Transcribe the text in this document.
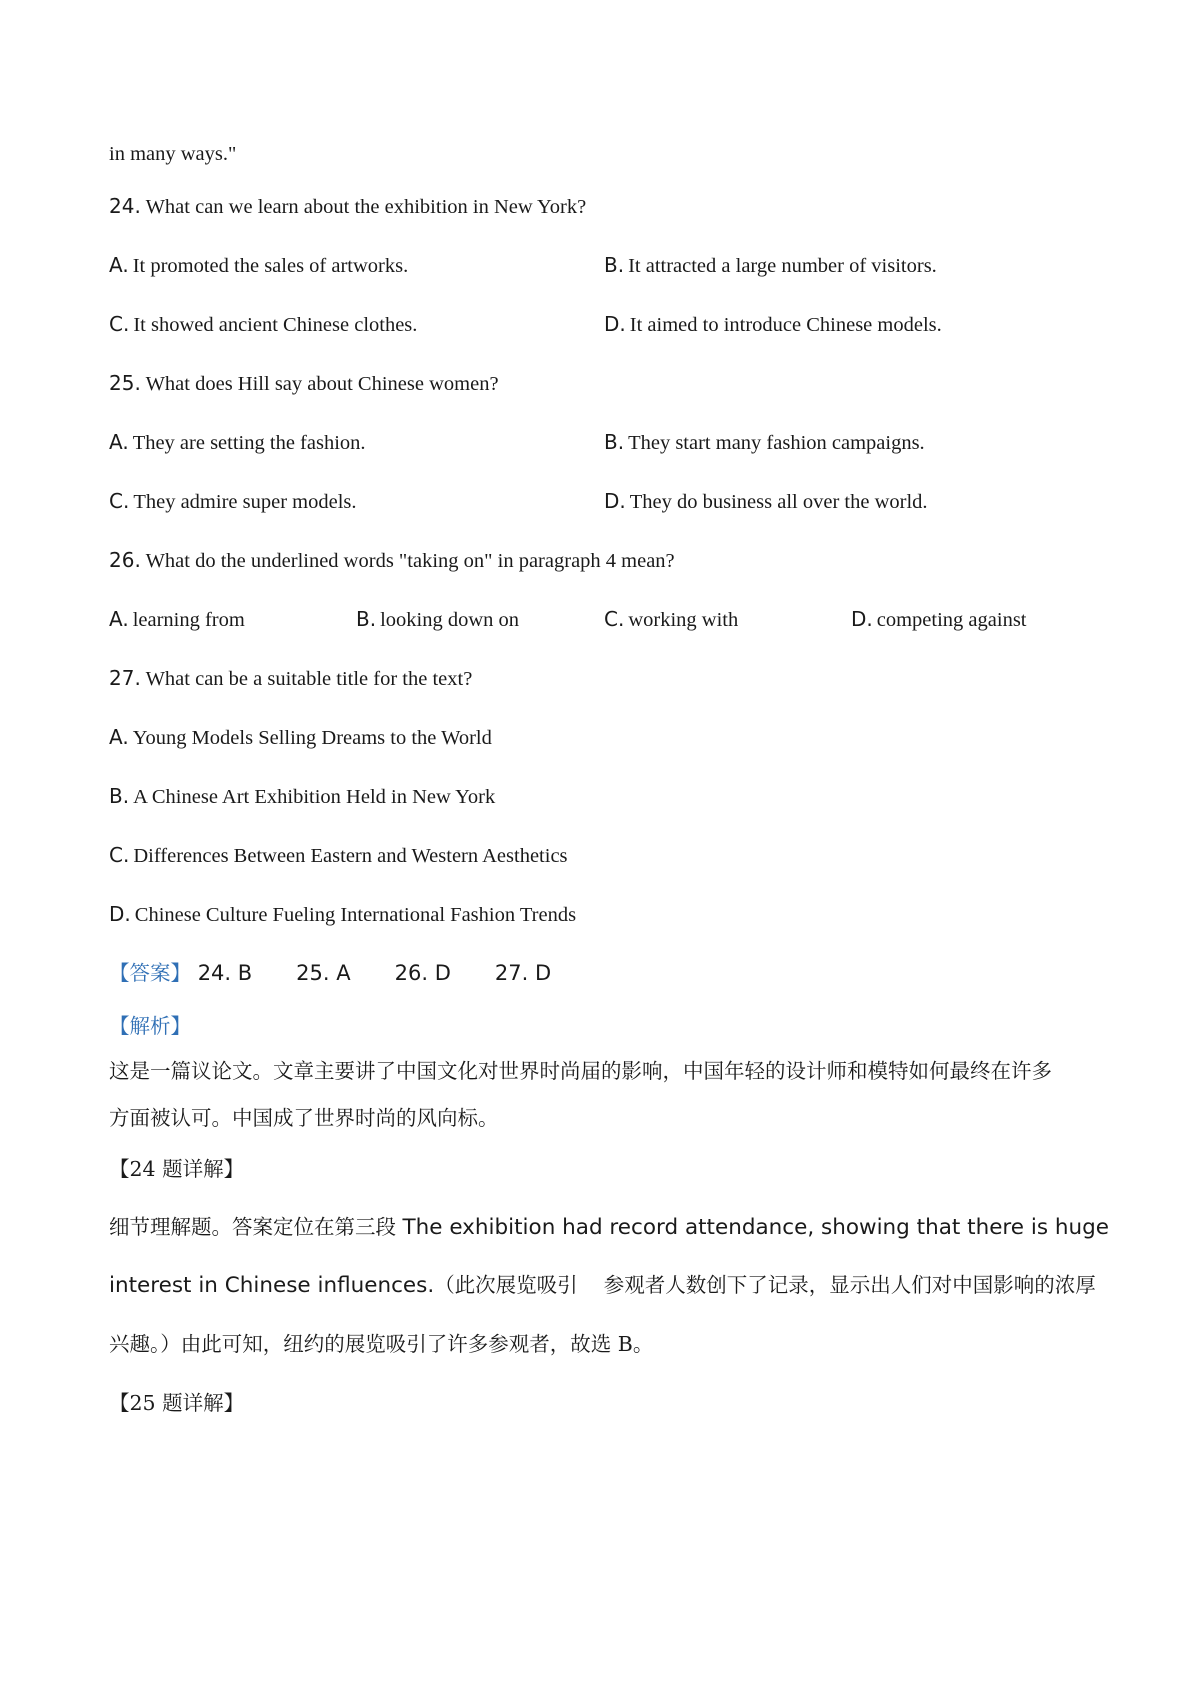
in many ways."
24. What can we learn about the exhibition in New York?
A. It promoted the sales of artworks.	B. It attracted a large number of visitors.
C. It showed ancient Chinese clothes.	D. It aimed to introduce Chinese models.
25. What does Hill say about Chinese women?
A. They are setting the fashion.	B. They start many fashion campaigns.
C. They admire super models.	D. They do business all over the world.
26. What do the underlined words "taking on" in paragraph 4 mean?
A. learning from	B. looking down on	C. working with	D. competing against
27. What can be a suitable title for the text?
A. Young Models Selling Dreams to the World
B. A Chinese Art Exhibition Held in New York
C. Differences Between Eastern and Western Aesthetics
D. Chinese Culture Fueling International Fashion Trends
【答案】 24. B 25. A 26. D 27. D
【解析】
这是一篇议论文。文章主要讲了中国文化对世界时尚届的影响，中国年轻的设计师和模特如何最终在许多
方面被认可。中国成了世界时尚的风向标。
【24 题详解】
细节理解题。答案定位在第三段 The exhibition had record attendance, showing that there is huge
interest in Chinese influences.（此次展览吸引    参观者人数创下了记录，显示出人们对中国影响的浓厚
兴趣。）由此可知，纽约的展览吸引了许多参观者，故选 B。
【25 题详解】
